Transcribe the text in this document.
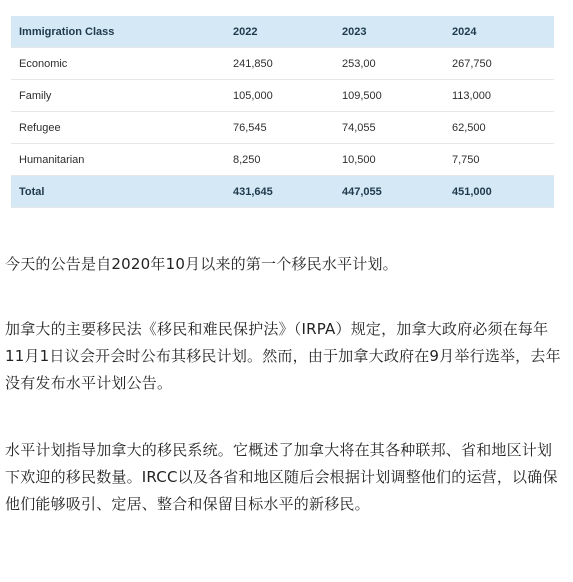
Immigration Class	2022	2023	2024
Economic	241,850	253,00	267,750
Family	105,000	109,500	113,000
Refugee	76,545	74,055	62,500
Humanitarian	8,250	10,500	7,750
Total	431,645	447,055	451,000

今天的公告是自2020年10月以来的第一个移民水平计划。

加拿大的主要移民法《移民和难民保护法》（IRPA）规定，加拿大政府必须在每年11月1日议会开会时公布其移民计划。然而，由于加拿大政府在9月举行选举，去年没有发布水平计划公告。

水平计划指导加拿大的移民系统。它概述了加拿大将在其各种联邦、省和地区计划下欢迎的移民数量。IRCC以及各省和地区随后会根据计划调整他们的运营，以确保他们能够吸引、定居、整合和保留目标水平的新移民。
